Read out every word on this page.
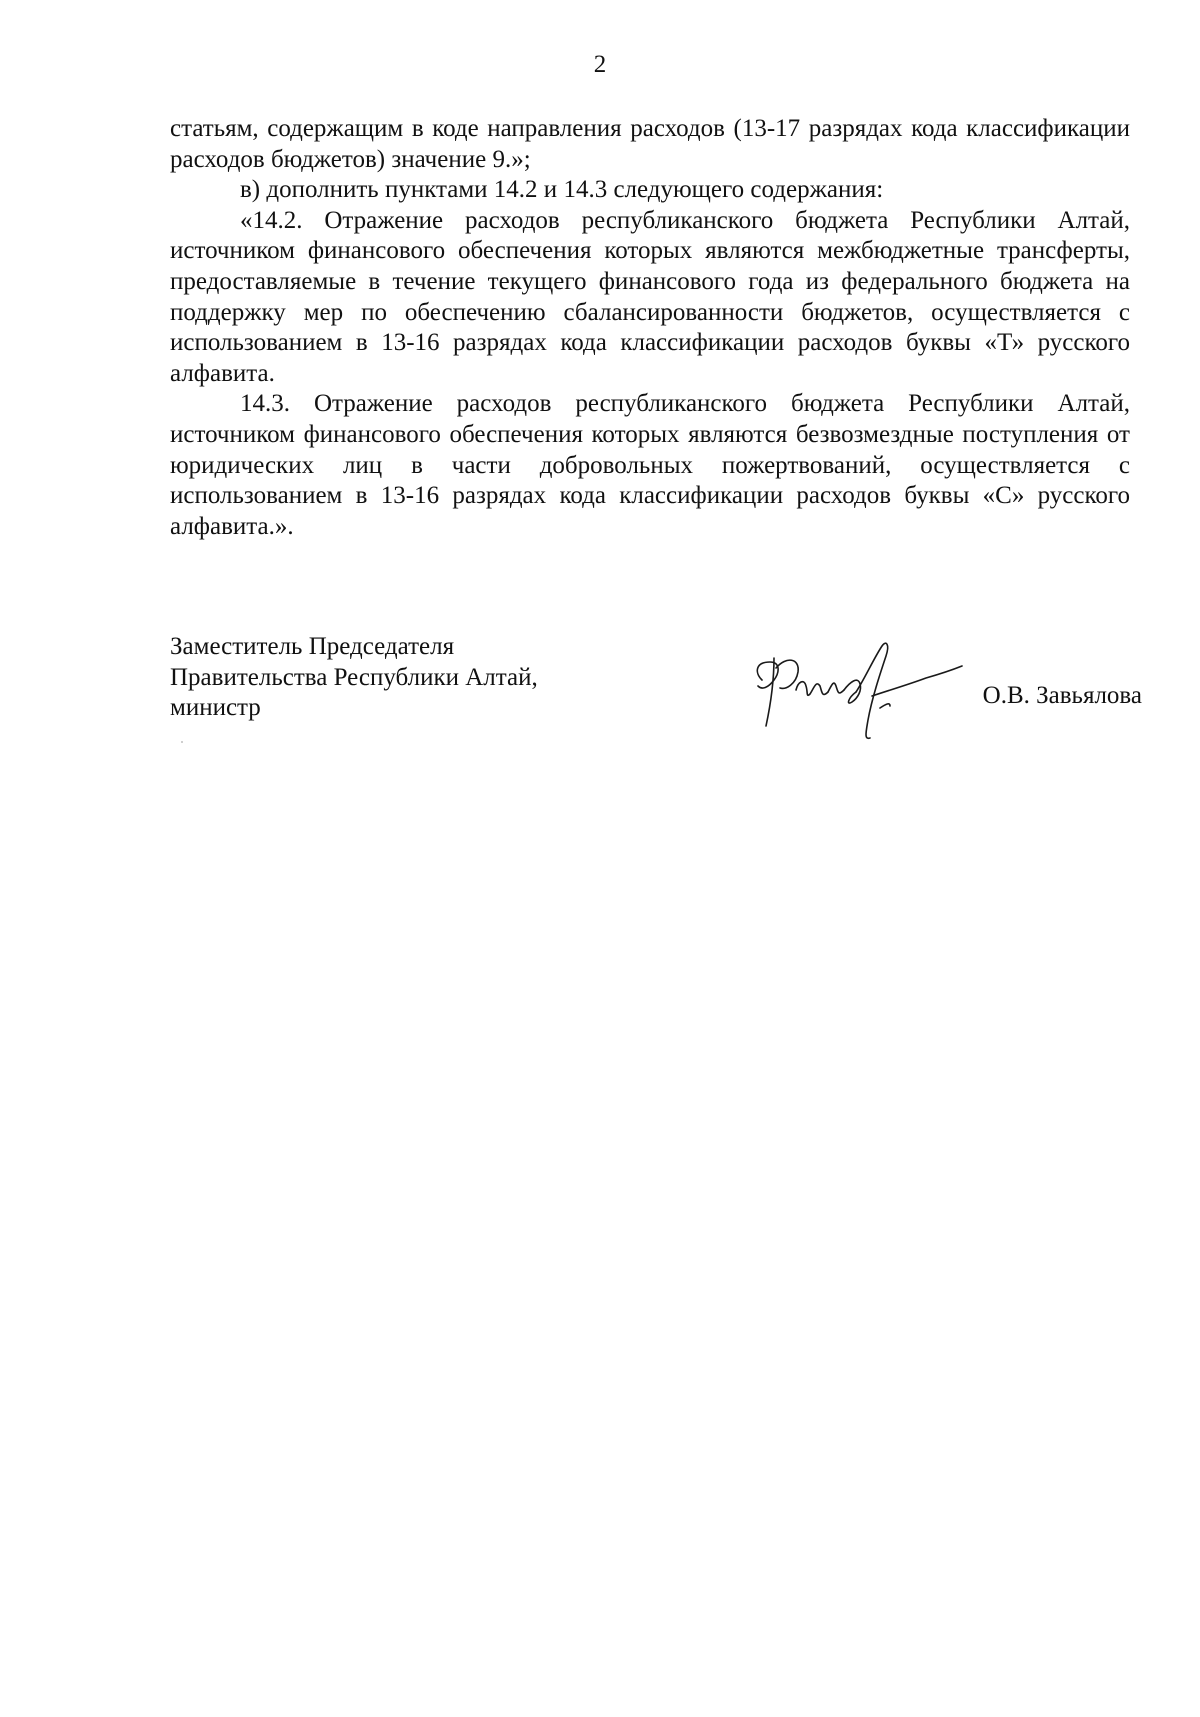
2

статьям, содержащим в коде направления расходов (13-17 разрядах кода классификации расходов бюджетов) значение 9.»;

в) дополнить пунктами 14.2 и 14.3 следующего содержания:

«14.2. Отражение расходов республиканского бюджета Республики Алтай, источником финансового обеспечения которых являются межбюджетные трансферты, предоставляемые в течение текущего финансового года из федерального бюджета на поддержку мер по обеспечению сбалансированности бюджетов, осуществляется с использованием в 13-16 разрядах кода классификации расходов буквы «Т» русского алфавита.

14.3. Отражение расходов республиканского бюджета Республики Алтай, источником финансового обеспечения которых являются безвозмездные поступления от юридических лиц в части добровольных пожертвований, осуществляется с использованием в 13-16 разрядах кода классификации расходов буквы «С» русского алфавита.».

Заместитель Председателя
Правительства Республики Алтай,
министр	О.В. Завьялова
